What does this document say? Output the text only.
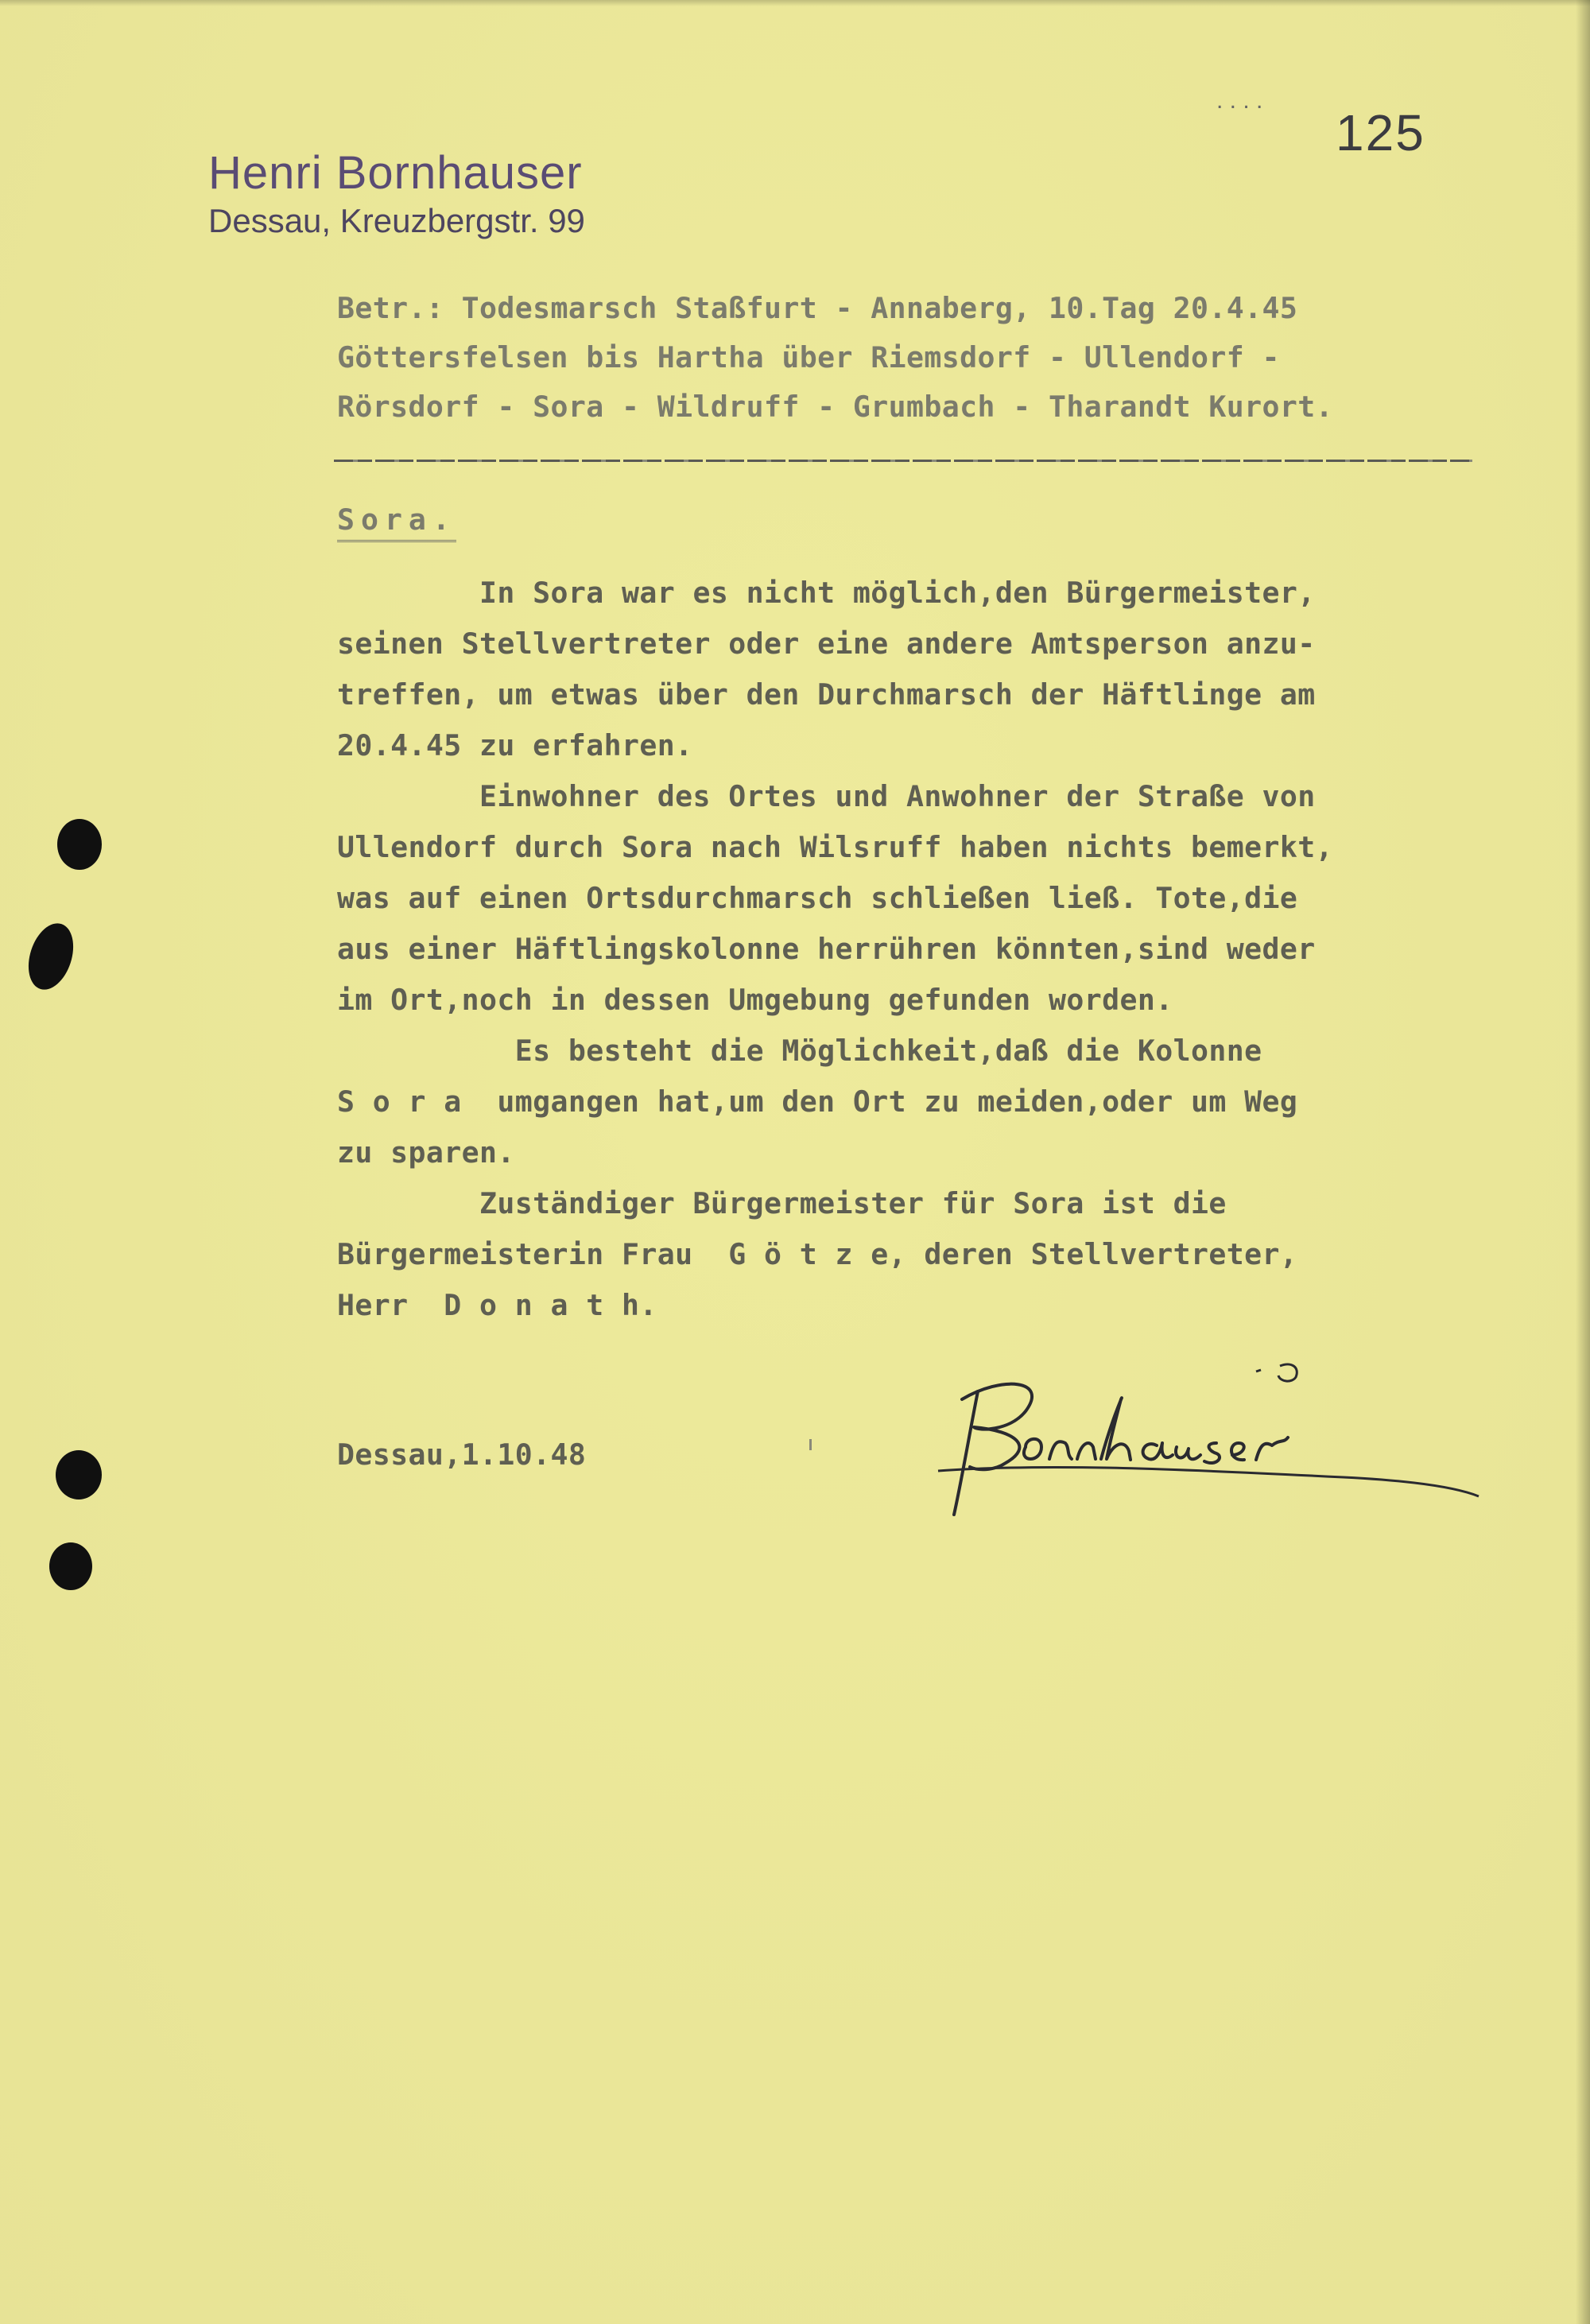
. . . .
125
Henri Bornhauser
Dessau, Kreuzbergstr. 99
Betr.: Todesmarsch Staßfurt - Annaberg, 10.Tag 20.4.45
Göttersfelsen bis Hartha über Riemsdorf - Ullendorf -
Rörsdorf - Sora - Wildruff - Grumbach - Tharandt Kurort.
Sora.
In Sora war es nicht möglich,den Bürgermeister,
seinen Stellvertreter oder eine andere Amtsperson anzu-
treffen, um etwas über den Durchmarsch der Häftlinge am
20.4.45 zu erfahren.
Einwohner des Ortes und Anwohner der Straße von
Ullendorf durch Sora nach Wilsruff haben nichts bemerkt,
was auf einen Ortsdurchmarsch schließen ließ. Tote,die
aus einer Häftlingskolonne herrühren könnten,sind weder
im Ort,noch in dessen Umgebung gefunden worden.
Es besteht die Möglichkeit,daß die Kolonne
S o r a  umgangen hat,um den Ort zu meiden,oder um Weg
zu sparen.
Zuständiger Bürgermeister für Sora ist die
Bürgermeisterin Frau  G ö t z e, deren Stellvertreter,
Herr  D o n a t h.
Dessau,1.10.48
